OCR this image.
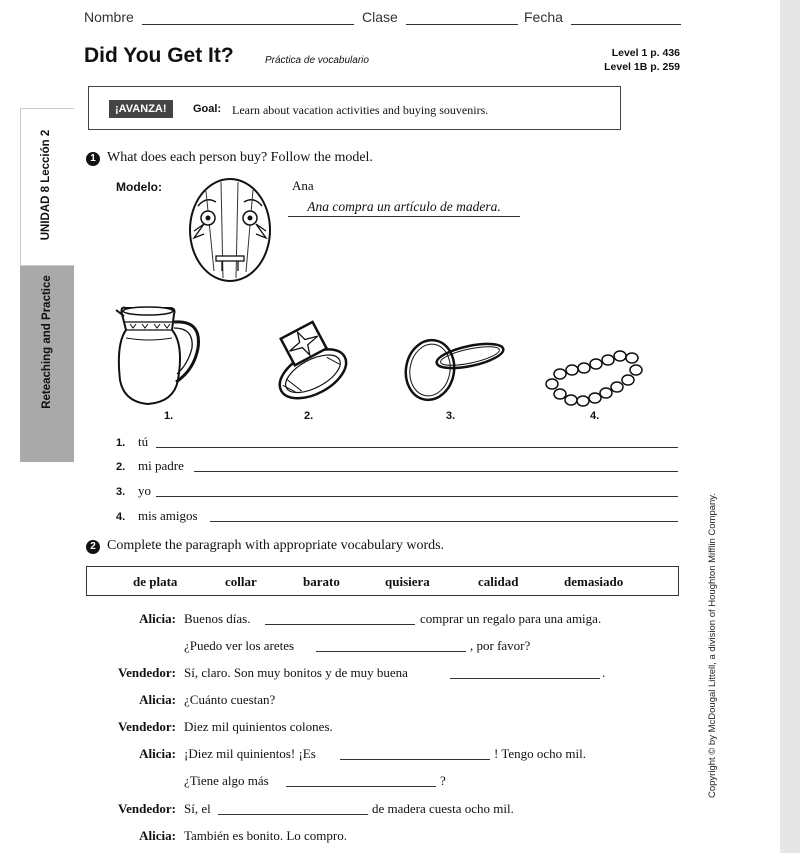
Nombre	Clase	Fecha
Did You Get It?	Práctica de vocabulario
Level 1 p. 436
Level 1B p. 259
¡AVANZA!	Goal: Learn about vacation activities and buying souvenirs.
UNIDAD 8 Lección 2
Reteaching and Practice
1 What does each person buy? Follow the model.
Modelo:	Ana
Ana compra un artículo de madera.
1.	2.	3.	4.
1. tú
2. mi padre
3. yo
4. mis amigos
2 Complete the paragraph with appropriate vocabulary words.
de plata	collar	barato	quisiera	calidad	demasiado
Alicia: Buenos días.	comprar un regalo para una amiga.
¿Puedo ver los aretes	, por favor?
Vendedor: Sí, claro. Son muy bonitos y de muy buena	.
Alicia: ¿Cuánto cuestan?
Vendedor: Diez mil quinientos colones.
Alicia: ¡Diez mil quinientos! ¡Es	! Tengo ocho mil.
¿Tiene algo más	?
Vendedor: Sí, el	de madera cuesta ocho mil.
Alicia: También es bonito. Lo compro.
Copyright © by McDougal Littell, a division of Houghton Mifflin Company.
